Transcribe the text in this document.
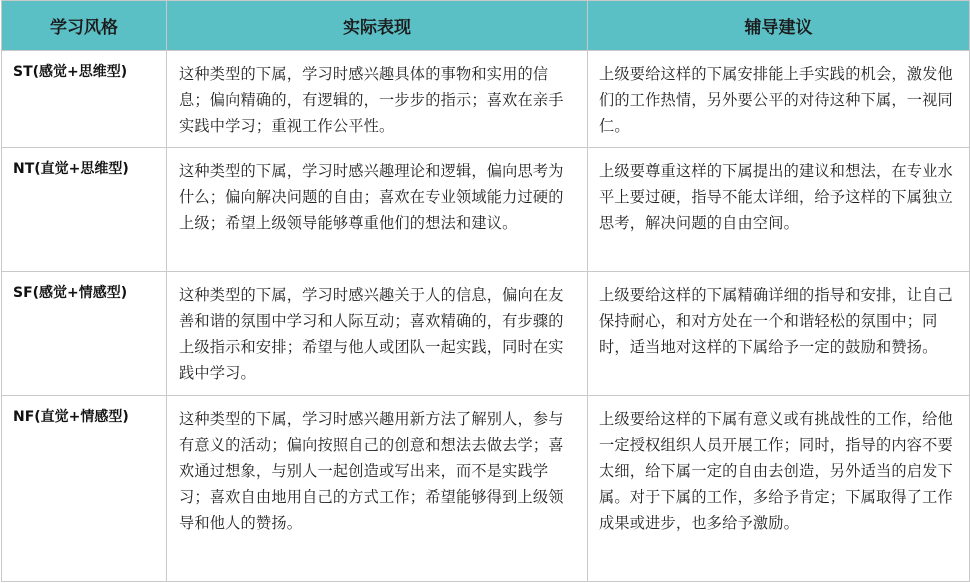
学习风格	实际表现	辅导建议
ST(感觉+思维型)	这种类型的下属，学习时感兴趣具体的事物和实用的信息；偏向精确的，有逻辑的，一步步的指示；喜欢在亲手实践中学习；重视工作公平性。	上级要给这样的下属安排能上手实践的机会，激发他们的工作热情，另外要公平的对待这种下属，一视同仁。
NT(直觉+思维型)	这种类型的下属，学习时感兴趣理论和逻辑，偏向思考为什么；偏向解决问题的自由；喜欢在专业领域能力过硬的上级；希望上级领导能够尊重他们的想法和建议。	上级要尊重这样的下属提出的建议和想法，在专业水平上要过硬，指导不能太详细，给予这样的下属独立思考，解决问题的自由空间。
SF(感觉+情感型)	这种类型的下属，学习时感兴趣关于人的信息，偏向在友善和谐的氛围中学习和人际互动；喜欢精确的，有步骤的上级指示和安排；希望与他人或团队一起实践，同时在实践中学习。	上级要给这样的下属精确详细的指导和安排，让自己保持耐心，和对方处在一个和谐轻松的氛围中；同时，适当地对这样的下属给予一定的鼓励和赞扬。
NF(直觉+情感型)	这种类型的下属，学习时感兴趣用新方法了解别人，参与有意义的活动；偏向按照自己的创意和想法去做去学；喜欢通过想象，与别人一起创造或写出来，而不是实践学习；喜欢自由地用自己的方式工作；希望能够得到上级领导和他人的赞扬。	上级要给这样的下属有意义或有挑战性的工作，给他一定授权组织人员开展工作；同时，指导的内容不要太细，给下属一定的自由去创造，另外适当的启发下属。对于下属的工作，多给予肯定；下属取得了工作成果或进步，也多给予激励。
